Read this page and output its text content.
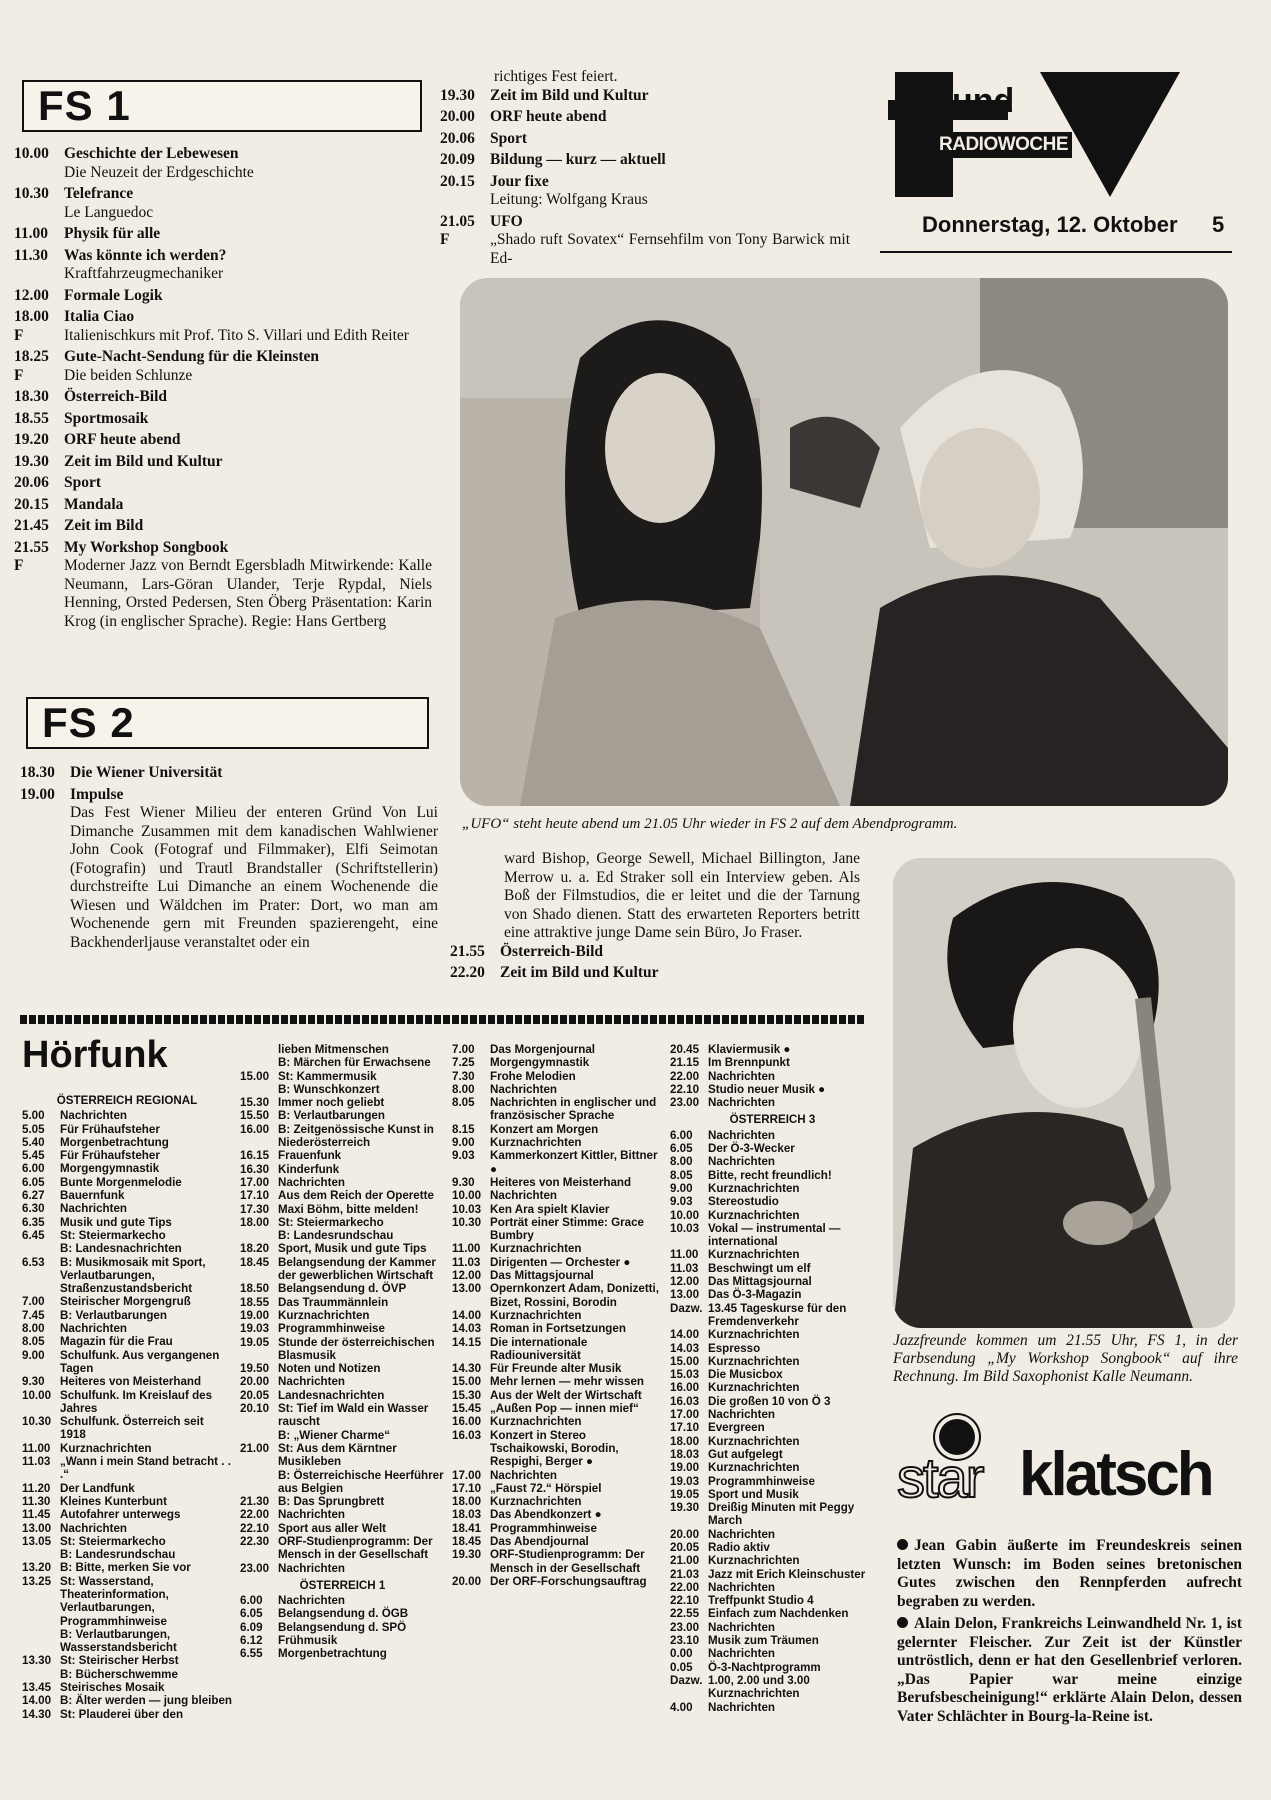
und
RADIOWOCHE
Donnerstag, 12. Oktober 5
FS 1
10.00 Geschichte der Lebewesen
Die Neuzeit der Erdgeschichte
10.30 Telefrance
Le Languedoc
11.00	Physik für alle
11.30	Was könnte ich werden?
Kraftfahrzeugmechaniker
12.00 Formale Logik
18.00 Italia Ciao
F	Italienischkurs mit Prof. Tito S. Villari und Edith Reiter
18.25 Gute-Nacht-Sendung für die Kleinsten
F	Die beiden Schlunze
18.30 Österreich-Bild
18.55 Sportmosaik
19.20 ORF heute abend
19.30 Zeit im Bild und Kultur
20.06 Sport
20.15 Mandala
21.45 Zeit im Bild
21.55 My Workshop Songbook
F	Moderner Jazz von Berndt Egersbladh Mitwirkende: Kalle Neumann, Lars-Göran Ulander, Terje Rypdal, Niels Henning, Orsted Pedersen, Sten Öberg Präsentation: Karin Krog (in englischer Sprache). Regie: Hans Gertberg
richtiges Fest feiert.
19.30 Zeit im Bild und Kultur
20.00 ORF heute abend
20.06 Sport
20.09 Bildung — kurz — aktuell
20.15 Jour fixe
Leitung: Wolfgang Kraus
21.05 UFO
F	„Shado ruft Sovatex“ Fernsehfilm von Tony Barwick mit Ed-
„UFO“ steht heute abend um 21.05 Uhr wieder in FS 2 auf dem Abendprogramm.
FS 2
18.30 Die Wiener Universität
19.00 Impulse
Das Fest Wiener Milieu der enteren Gründ Von Lui Dimanche Zusammen mit dem kanadischen Wahlwiener John Cook (Fotograf und Filmmaker), Elfi Seimotan (Fotografin) und Trautl Brandstaller (Schriftstellerin) durchstreifte Lui Dimanche an einem Wochenende die Wiesen und Wäldchen im Prater: Dort, wo man am Wochenende gern mit Freunden spazierengeht, eine Backhenderljause veranstaltet oder ein
ward Bishop, George Sewell, Michael Billington, Jane Merrow u. a. Ed Straker soll ein Interview geben. Als Boß der Filmstudios, die er leitet und die der Tarnung von Shado dienen. Statt des erwarteten Reporters betritt eine attraktive junge Dame sein Büro, Jo Fraser.
21.55 Österreich-Bild
22.20 Zeit im Bild und Kultur
Jazzfreunde kommen um 21.55 Uhr, FS 1, in der Farbsendung „My Workshop Songbook“ auf ihre Rechnung. Im Bild Saxophonist Kalle Neumann.
Hörfunk
ÖSTERREICH REGIONAL
5.00	Nachrichten
5.05	Für Frühaufsteher
5.40	Morgenbetrachtung
5.45	Für Frühaufsteher
6.00	Morgengymnastik
6.05	Bunte Morgenmelodie
6.27	Bauernfunk
6.30	Nachrichten
6.35	Musik und gute Tips
6.45	St: Steiermarkecho
B: Landesnachrichten
6.53	B: Musikmosaik mit Sport, Verlautbarungen, Straßenzustandsbericht
7.00	Steirischer Morgengruß
7.45	B: Verlautbarungen
8.00	Nachrichten
8.05	Magazin für die Frau
9.00	Schulfunk. Aus vergangenen Tagen
9.30	Heiteres von Meisterhand
10.00 Schulfunk. Im Kreislauf des Jahres
10.30 Schulfunk. Österreich seit 1918
11.00 Kurznachrichten
11.03 „Wann i mein Stand betracht . . .“
11.20 Der Landfunk
11.30 Kleines Kunterbunt
11.45 Autofahrer unterwegs
13.00 Nachrichten
13.05 St: Steiermarkecho
B: Landesrundschau
13.20 B: Bitte, merken Sie vor
13.25 St: Wasserstand, Theaterinformation, Verlautbarungen, Programmhinweise
B: Verlautbarungen, Wasserstandsbericht
13.30 St: Steirischer Herbst
B: Bücherschwemme
13.45 Steirisches Mosaik
14.00 B: Älter werden — jung bleiben
14.30 St: Plauderei über den
lieben Mitmenschen
B: Märchen für Erwachsene
15.00 St: Kammermusik
B: Wunschkonzert
15.30 Immer noch geliebt
15.50 B: Verlautbarungen
16.00 B: Zeitgenössische Kunst in Niederösterreich
16.15 Frauenfunk
16.30 Kinderfunk
17.00 Nachrichten
17.10 Aus dem Reich der Operette
17.30 Maxi Böhm, bitte melden!
18.00 St: Steiermarkecho
B: Landesrundschau
18.20 Sport, Musik und gute Tips
18.45 Belangsendung der Kammer der gewerblichen Wirtschaft
18.50 Belangsendung d. ÖVP
18.55 Das Traummännlein
19.00 Kurznachrichten
19.03 Programmhinweise
19.05 Stunde der österreichischen Blasmusik
19.50 Noten und Notizen
20.00 Nachrichten
20.05 Landesnachrichten
20.10 St: Tief im Wald ein Wasser rauscht
B: „Wiener Charme“
21.00 St: Aus dem Kärntner Musikleben
B: Österreichische Heerführer aus Belgien
21.30 B: Das Sprungbrett
22.00 Nachrichten
22.10 Sport aus aller Welt
22.30 ORF-Studienprogramm: Der Mensch in der Gesellschaft
23.00 Nachrichten
ÖSTERREICH 1
6.00	Nachrichten
6.05	Belangsendung d. ÖGB
6.09	Belangsendung d. SPÖ
6.12	Frühmusik
6.55	Morgenbetrachtung
7.00	Das Morgenjournal
7.25	Morgengymnastik
7.30	Frohe Melodien
8.00	Nachrichten
8.05	Nachrichten in englischer und französischer Sprache
8.15	Konzert am Morgen
9.00	Kurznachrichten
9.03	Kammerkonzert Kittler, Bittner ●
9.30	Heiteres von Meisterhand
10.00 Nachrichten
10.03 Ken Ara spielt Klavier
10.30 Porträt einer Stimme: Grace Bumbry
11.00 Kurznachrichten
11.03 Dirigenten — Orchester ●
12.00 Das Mittagsjournal
13.00 Opernkonzert Adam, Donizetti, Bizet, Rossini, Borodin
14.00 Kurznachrichten
14.03 Roman in Fortsetzungen
14.15 Die internationale Radiouniversität
14.30 Für Freunde alter Musik
15.00 Mehr lernen — mehr wissen
15.30 Aus der Welt der Wirtschaft
15.45 „Außen Pop — innen mief“
16.00 Kurznachrichten
16.03 Konzert in Stereo Tschaikowski, Borodin, Respighi, Berger ●
17.00 Nachrichten
17.10 „Faust 72.“ Hörspiel
18.00 Kurznachrichten
18.03 Das Abendkonzert ●
18.41 Programmhinweise
18.45 Das Abendjournal
19.30 ORF-Studienprogramm: Der Mensch in der Gesellschaft
20.00 Der ORF-Forschungsauftrag
20.45 Klaviermusik ●
21.15 Im Brennpunkt
22.00 Nachrichten
22.10 Studio neuer Musik ●
23.00 Nachrichten
ÖSTERREICH 3
6.00	Nachrichten
6.05	Der Ö-3-Wecker
8.00	Nachrichten
8.05	Bitte, recht freundlich!
9.00	Kurznachrichten
9.03	Stereostudio
10.00 Kurznachrichten
10.03 Vokal — instrumental — international
11.00 Kurznachrichten
11.03 Beschwingt um elf
12.00 Das Mittagsjournal
13.00 Das Ö-3-Magazin
Dazw. 13.45 Tageskurse für den Fremdenverkehr
14.00 Kurznachrichten
14.03 Espresso
15.00 Kurznachrichten
15.03 Die Musicbox
16.00 Kurznachrichten
16.03 Die großen 10 von Ö 3
17.00 Nachrichten
17.10 Evergreen
18.00 Kurznachrichten
18.03 Gut aufgelegt
19.00 Kurznachrichten
19.03 Programmhinweise
19.05 Sport und Musik
19.30 Dreißig Minuten mit Peggy March
20.00 Nachrichten
20.05 Radio aktiv
21.00 Kurznachrichten
21.03 Jazz mit Erich Kleinschuster
22.00 Nachrichten
22.10 Treffpunkt Studio 4
22.55 Einfach zum Nachdenken
23.00 Nachrichten
23.10 Musik zum Träumen
0.00	Nachrichten
0.05	Ö-3-Nachtprogramm
Dazw. 1.00, 2.00 und 3.00 Kurznachrichten
4.00	Nachrichten
star klatsch

Jean Gabin äußerte im Freundeskreis seinen letzten Wunsch: im Boden seines bretonischen Gutes zwischen den Rennpferden aufrecht begraben zu werden.

Alain Delon, Frankreichs Leinwandheld Nr. 1, ist gelernter Fleischer. Zur Zeit ist der Künstler untröstlich, denn er hat den Gesellenbrief verloren. „Das Papier war meine einzige Berufsbescheinigung!“ erklärte Alain Delon, dessen Vater Schlächter in Bourg-la-Reine ist.
